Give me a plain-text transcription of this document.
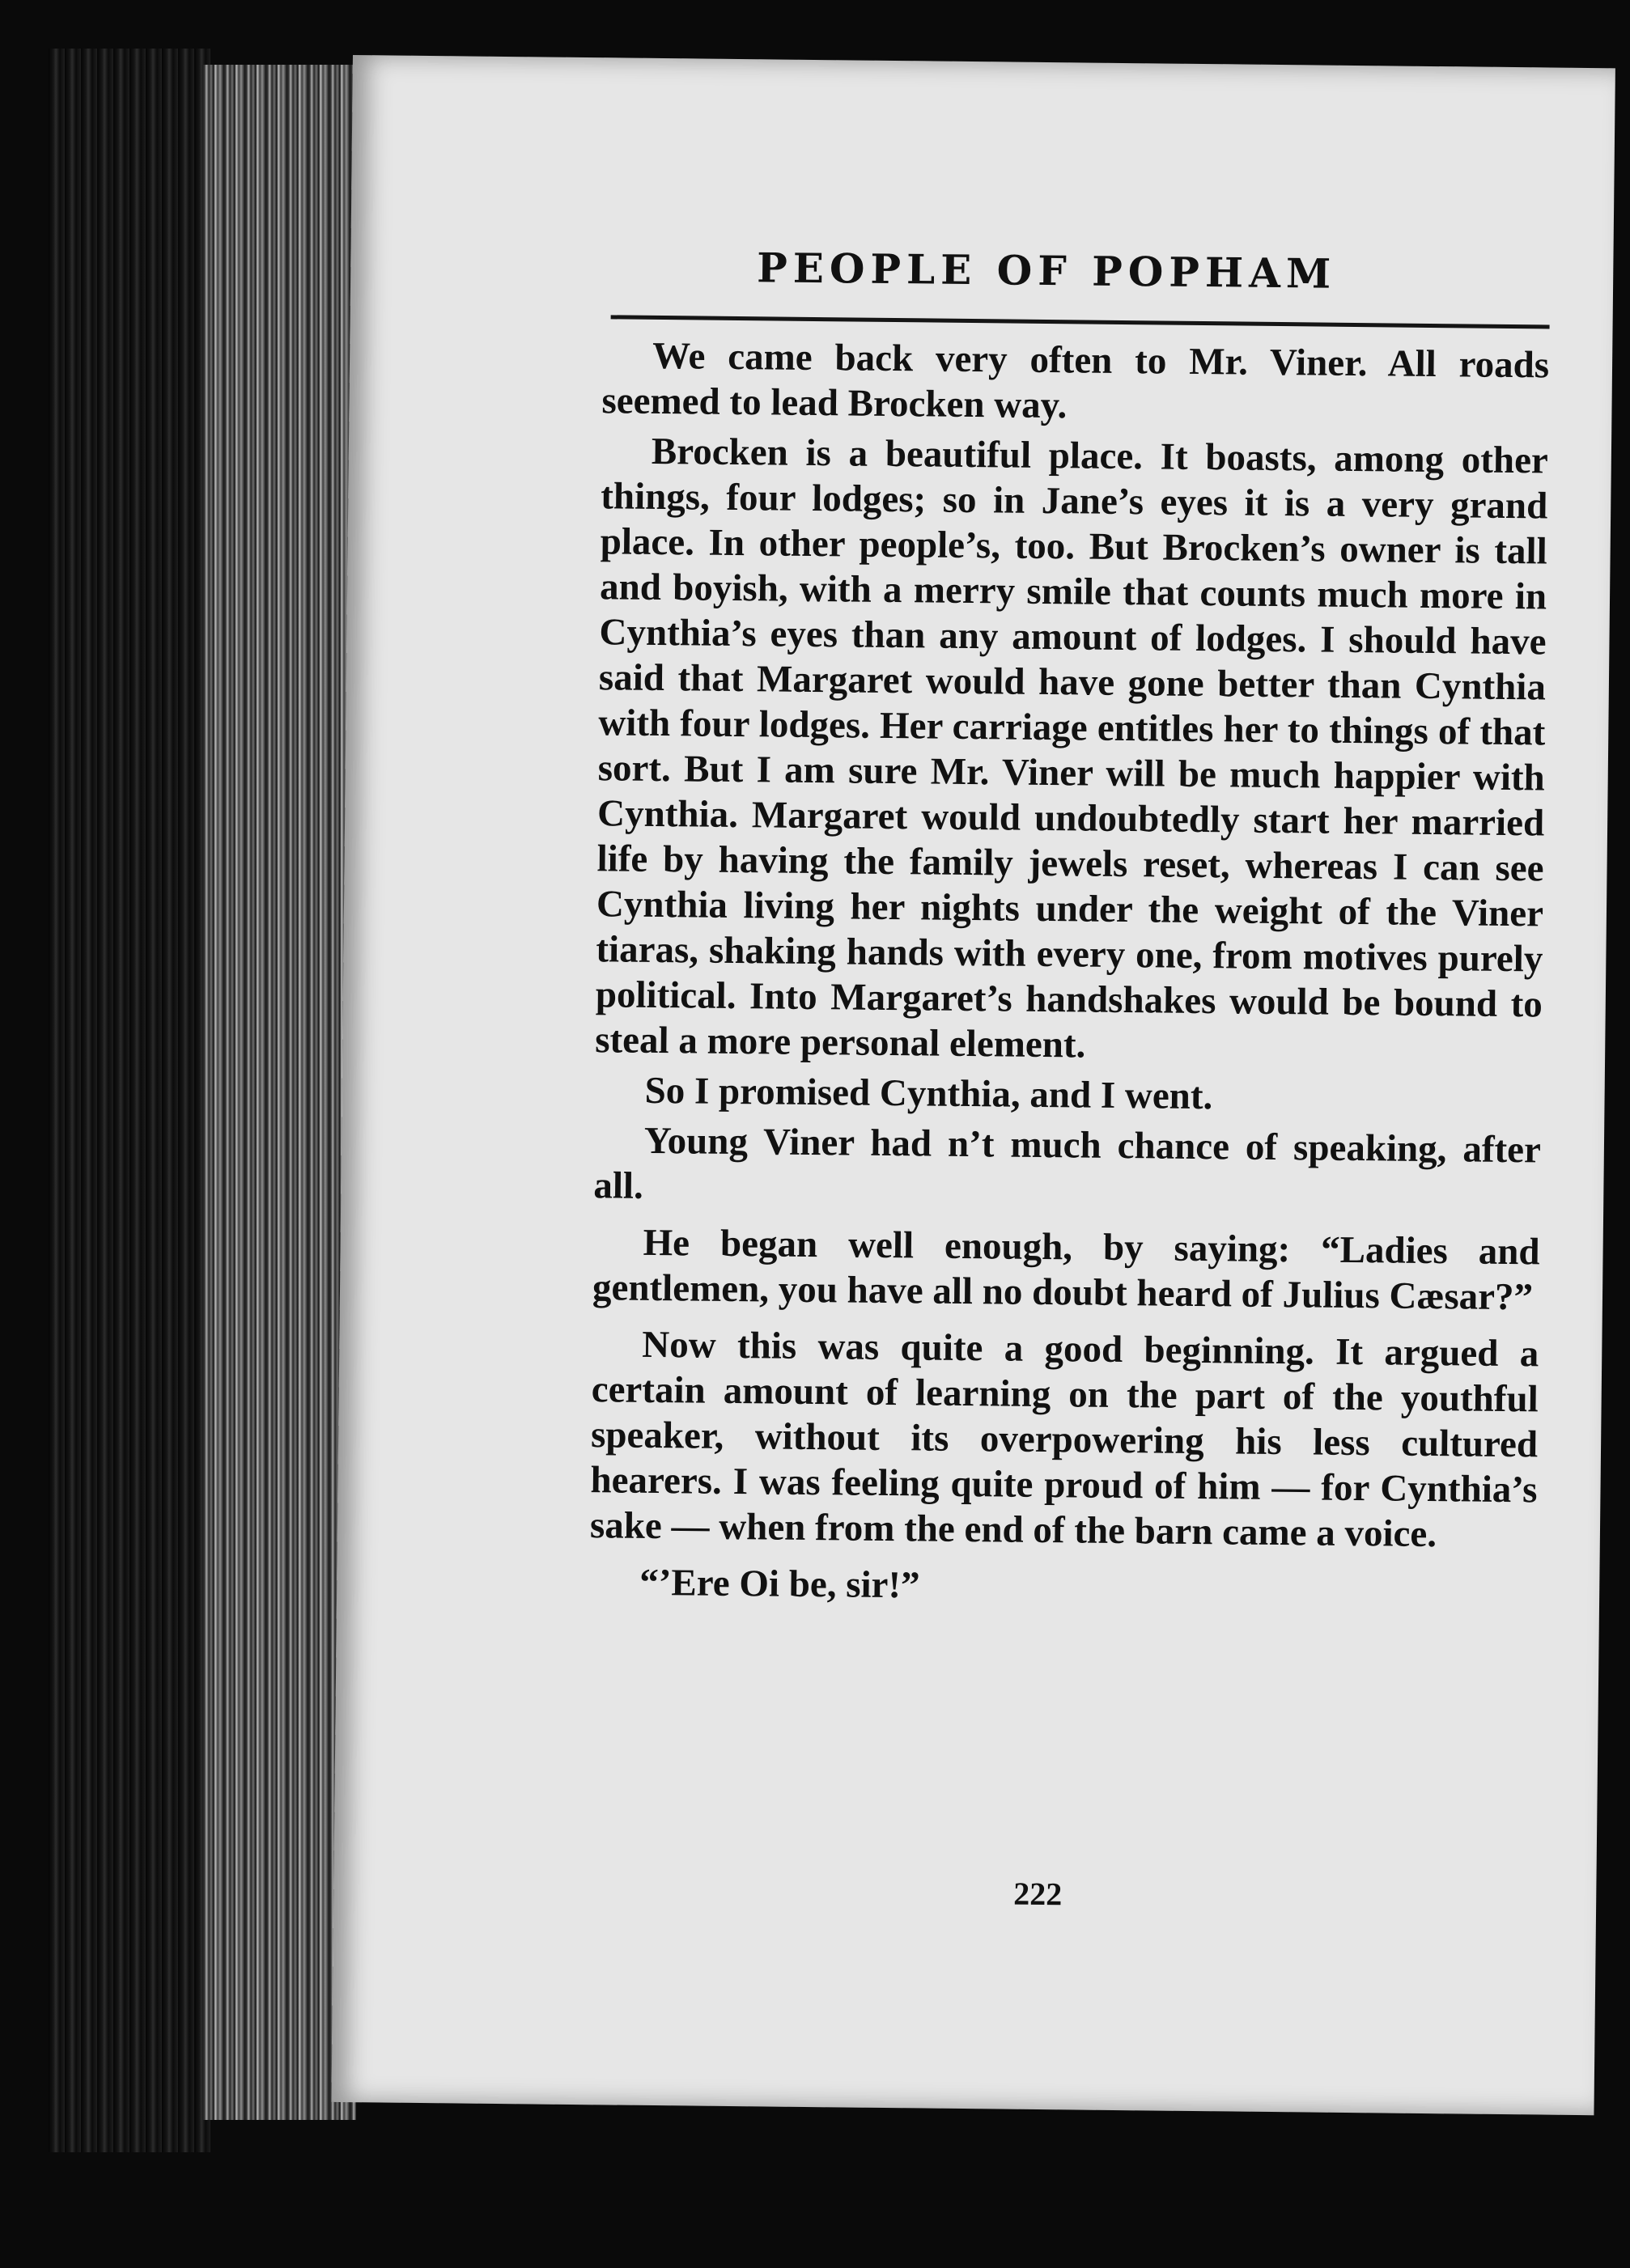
PEOPLE OF POPHAM

We came back very often to Mr. Viner. All roads seemed to lead Brocken way.

Brocken is a beautiful place. It boasts, among other things, four lodges; so in Jane’s eyes it is a very grand place. In other people’s, too. But Brocken’s owner is tall and boyish, with a merry smile that counts much more in Cynthia’s eyes than any amount of lodges. I should have said that Margaret would have gone better than Cynthia with four lodges. Her carriage entitles her to things of that sort. But I am sure Mr. Viner will be much happier with Cynthia. Margaret would undoubtedly start her married life by having the family jewels reset, whereas I can see Cynthia living her nights under the weight of the Viner tiaras, shaking hands with every one, from motives purely political. Into Margaret’s handshakes would be bound to steal a more personal element.

So I promised Cynthia, and I went.

Young Viner had n’t much chance of speaking, after all.

He began well enough, by saying: “Ladies and gentlemen, you have all no doubt heard of Julius Cæsar?”

Now this was quite a good beginning. It argued a certain amount of learning on the part of the youthful speaker, without its overpowering his less cultured hearers. I was feeling quite proud of him — for Cynthia’s sake — when from the end of the barn came a voice.

“’Ere Oi be, sir!”

222
